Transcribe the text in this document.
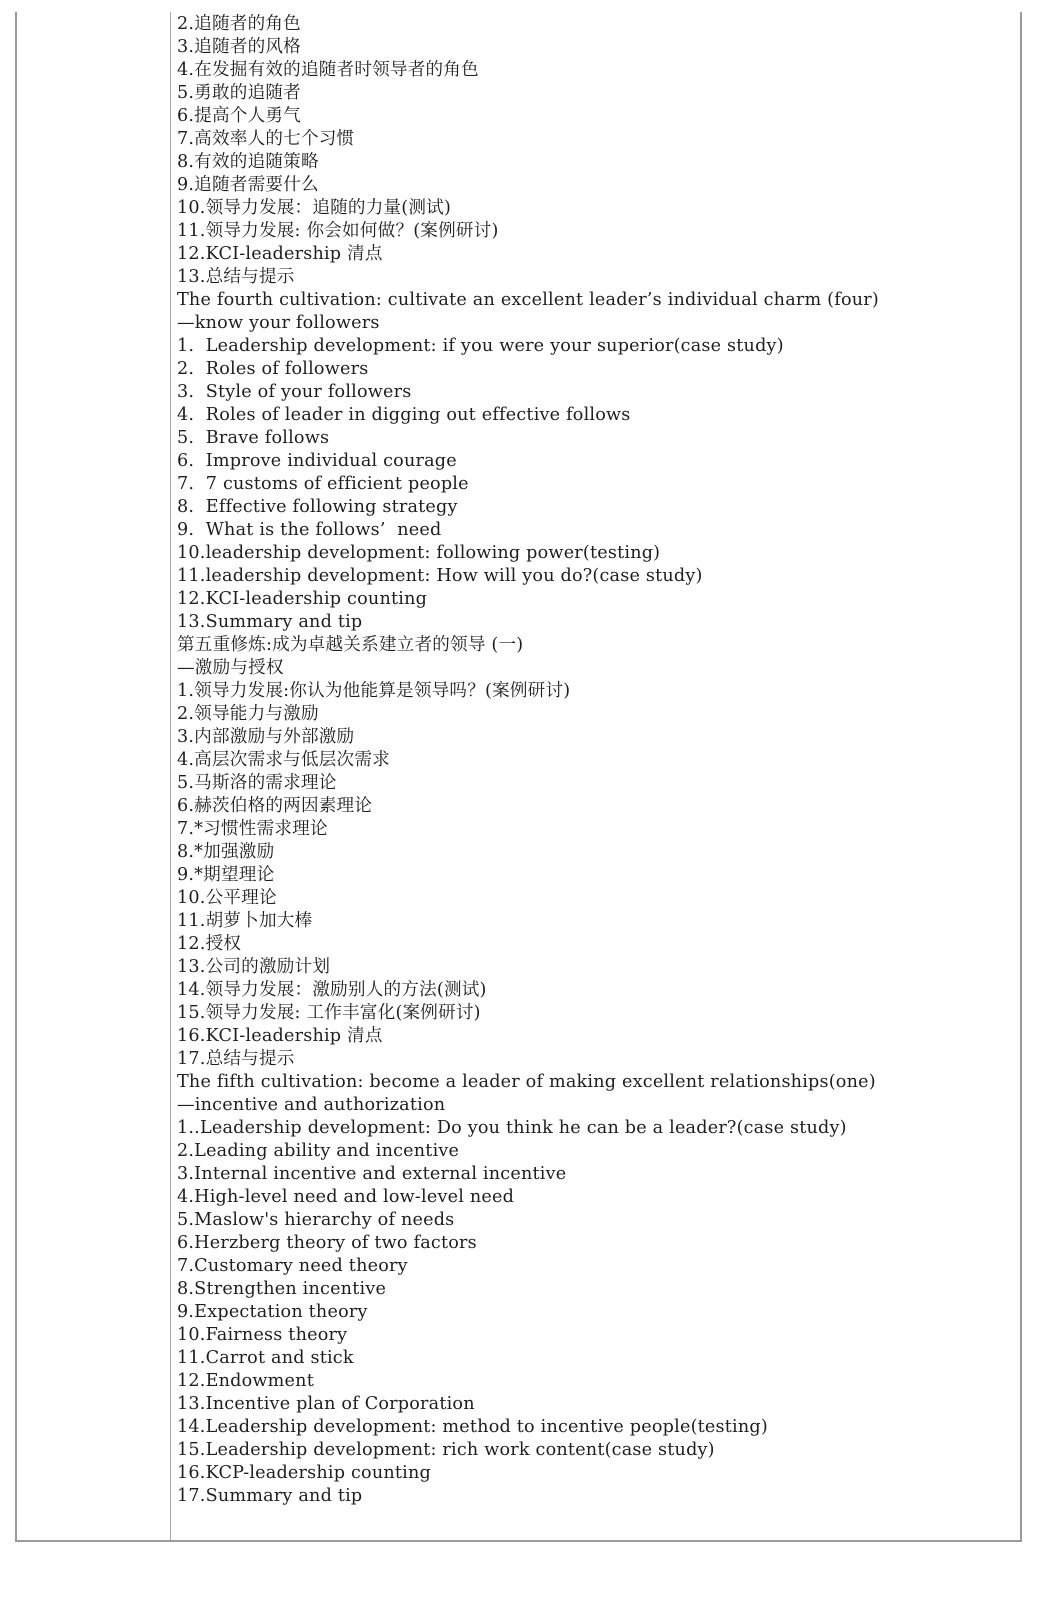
2.追随者的角色
3.追随者的风格
4.在发掘有效的追随者时领导者的角色
5.勇敢的追随者
6.提高个人勇气
7.高效率人的七个习惯
8.有效的追随策略
9.追随者需要什么
10.领导力发展：追随的力量(测试)
11.领导力发展: 你会如何做？(案例研讨)
12.KCI-leadership 清点
13.总结与提示
The fourth cultivation: cultivate an excellent leader’s individual charm (four)
—know your followers
1.  Leadership development: if you were your superior(case study)
2.  Roles of followers
3.  Style of your followers
4.  Roles of leader in digging out effective follows
5.  Brave follows
6.  Improve individual courage
7.  7 customs of efficient people
8.  Effective following strategy
9.  What is the follows’  need
10.leadership development: following power(testing)
11.leadership development: How will you do?(case study)
12.KCI-leadership counting
13.Summary and tip
第五重修炼:成为卓越关系建立者的领导 (一)
—激励与授权
1.领导力发展:你认为他能算是领导吗？(案例研讨)
2.领导能力与激励
3.内部激励与外部激励
4.高层次需求与低层次需求
5.马斯洛的需求理论
6.赫茨伯格的两因素理论
7.*习惯性需求理论
8.*加强激励
9.*期望理论
10.公平理论
11.胡萝卜加大棒
12.授权
13.公司的激励计划
14.领导力发展：激励别人的方法(测试)
15.领导力发展: 工作丰富化(案例研讨)
16.KCI-leadership 清点
17.总结与提示
The fifth cultivation: become a leader of making excellent relationships(one)
—incentive and authorization
1..Leadership development: Do you think he can be a leader?(case study)
2.Leading ability and incentive
3.Internal incentive and external incentive
4.High-level need and low-level need
5.Maslow's hierarchy of needs
6.Herzberg theory of two factors
7.Customary need theory
8.Strengthen incentive
9.Expectation theory
10.Fairness theory
11.Carrot and stick
12.Endowment
13.Incentive plan of Corporation
14.Leadership development: method to incentive people(testing)
15.Leadership development: rich work content(case study)
16.KCP-leadership counting
17.Summary and tip
